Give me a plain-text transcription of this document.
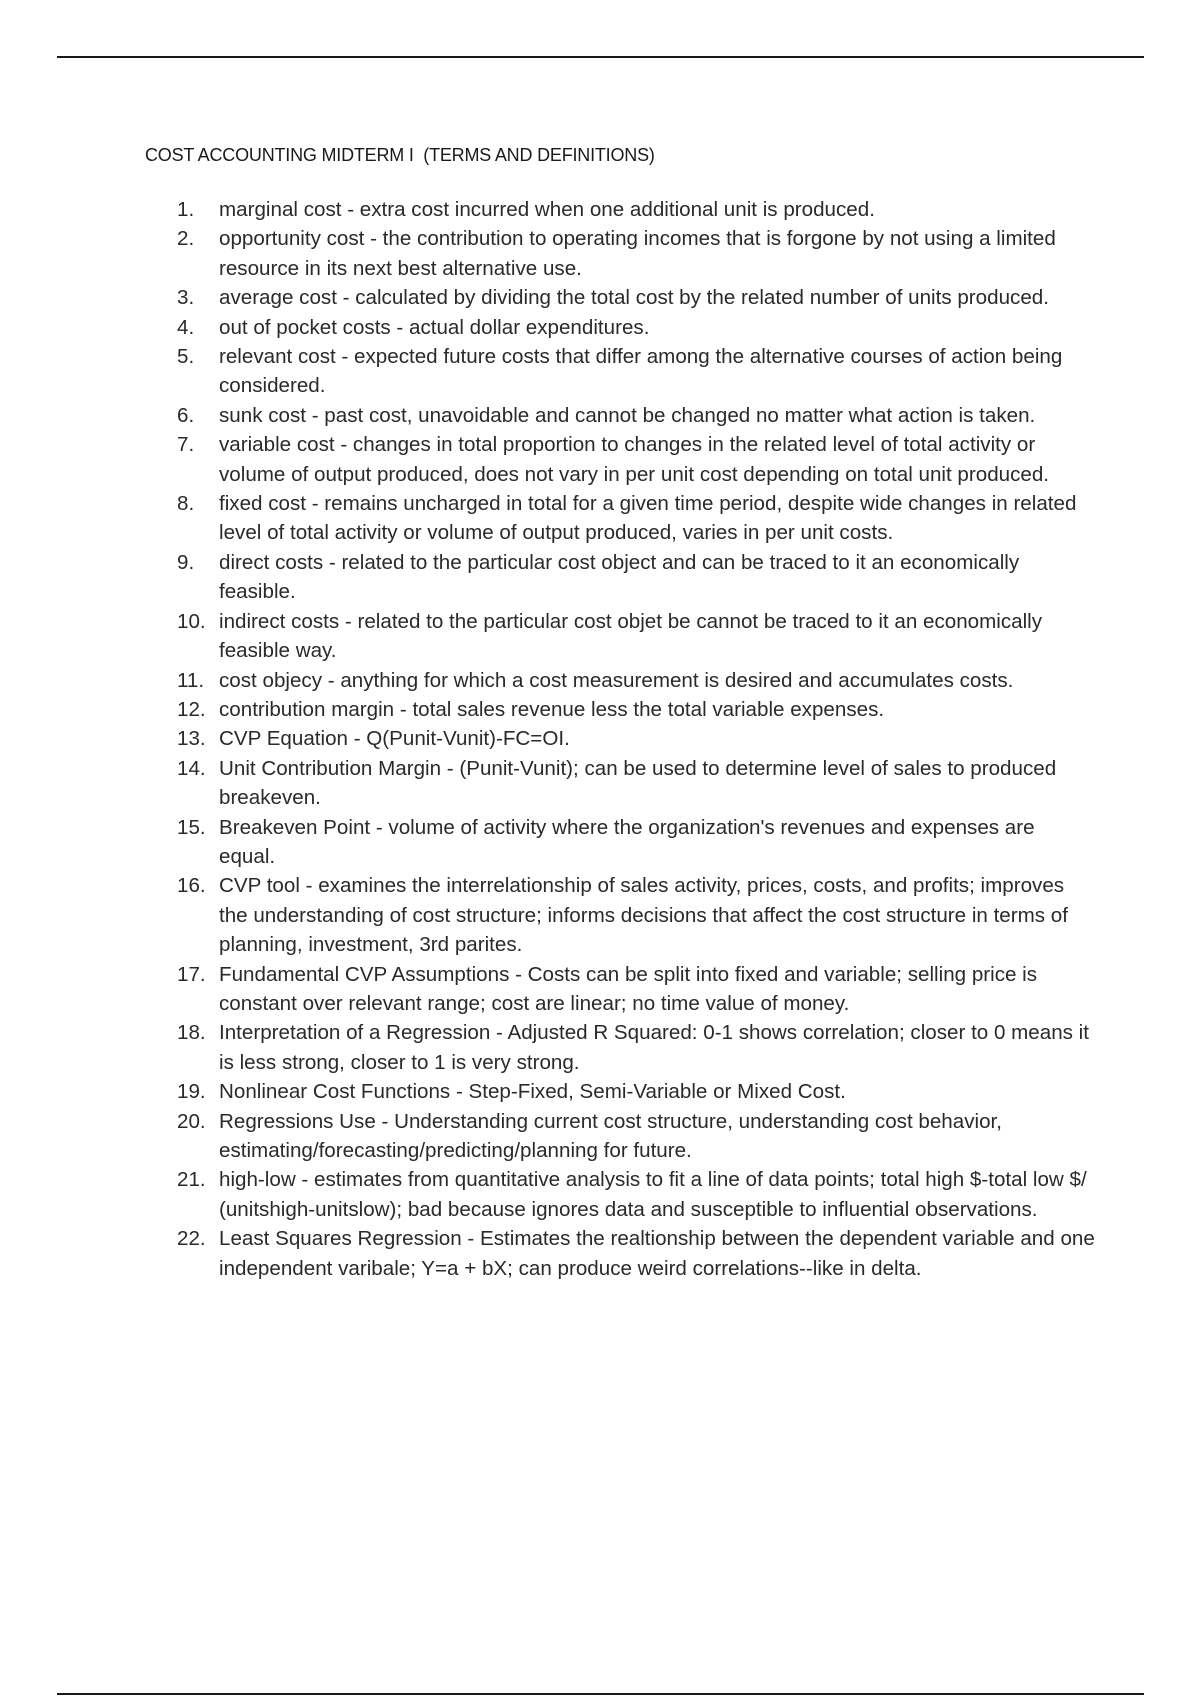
COST ACCOUNTING MIDTERM I  (TERMS AND DEFINITIONS)
1.	marginal cost - extra cost incurred when one additional unit is produced.
2.	opportunity cost - the contribution to operating incomes that is forgone by not using a limited resource in its next best alternative use.
3.	average cost - calculated by dividing the total cost by the related number of units produced.
4.	out of pocket costs - actual dollar expenditures.
5.	relevant cost - expected future costs that differ among the alternative courses of action being considered.
6.	sunk cost - past cost, unavoidable and cannot be changed no matter what action is taken.
7.	variable cost - changes in total proportion to changes in the related level of total activity or volume of output produced, does not vary in per unit cost depending on total unit produced.
8.	fixed cost - remains uncharged in total for a given time period, despite wide changes in related level of total activity or volume of output produced, varies in per unit costs.
9.	direct costs - related to the particular cost object and can be traced to it an economically feasible.
10. indirect costs - related to the particular cost objet be cannot be traced to it an economically feasible way.
11. cost objecy - anything for which a cost measurement is desired and accumulates costs.
12. contribution margin - total sales revenue less the total variable expenses.
13. CVP Equation - Q(Punit-Vunit)-FC=OI.
14. Unit Contribution Margin - (Punit-Vunit); can be used to determine level of sales to produced breakeven.
15. Breakeven Point - volume of activity where the organization's revenues and expenses are equal.
16. CVP tool - examines the interrelationship of sales activity, prices, costs, and profits; improves the understanding of cost structure; informs decisions that affect the cost structure in terms of planning, investment, 3rd parites.
17. Fundamental CVP Assumptions - Costs can be split into fixed and variable; selling price is constant over relevant range; cost are linear; no time value of money.
18. Interpretation of a Regression - Adjusted R Squared: 0-1 shows correlation; closer to 0 means it is less strong, closer to 1 is very strong.
19. Nonlinear Cost Functions - Step-Fixed, Semi-Variable or Mixed Cost.
20. Regressions Use - Understanding current cost structure, understanding cost behavior, estimating/forecasting/predicting/planning for future.
21. high-low - estimates from quantitative analysis to fit a line of data points; total high $-total low $/ (unitshigh-unitslow); bad because ignores data and susceptible to influential observations.
22. Least Squares Regression - Estimates the realtionship between the dependent variable and one independent varibale; Y=a + bX; can produce weird correlations--like in delta.
